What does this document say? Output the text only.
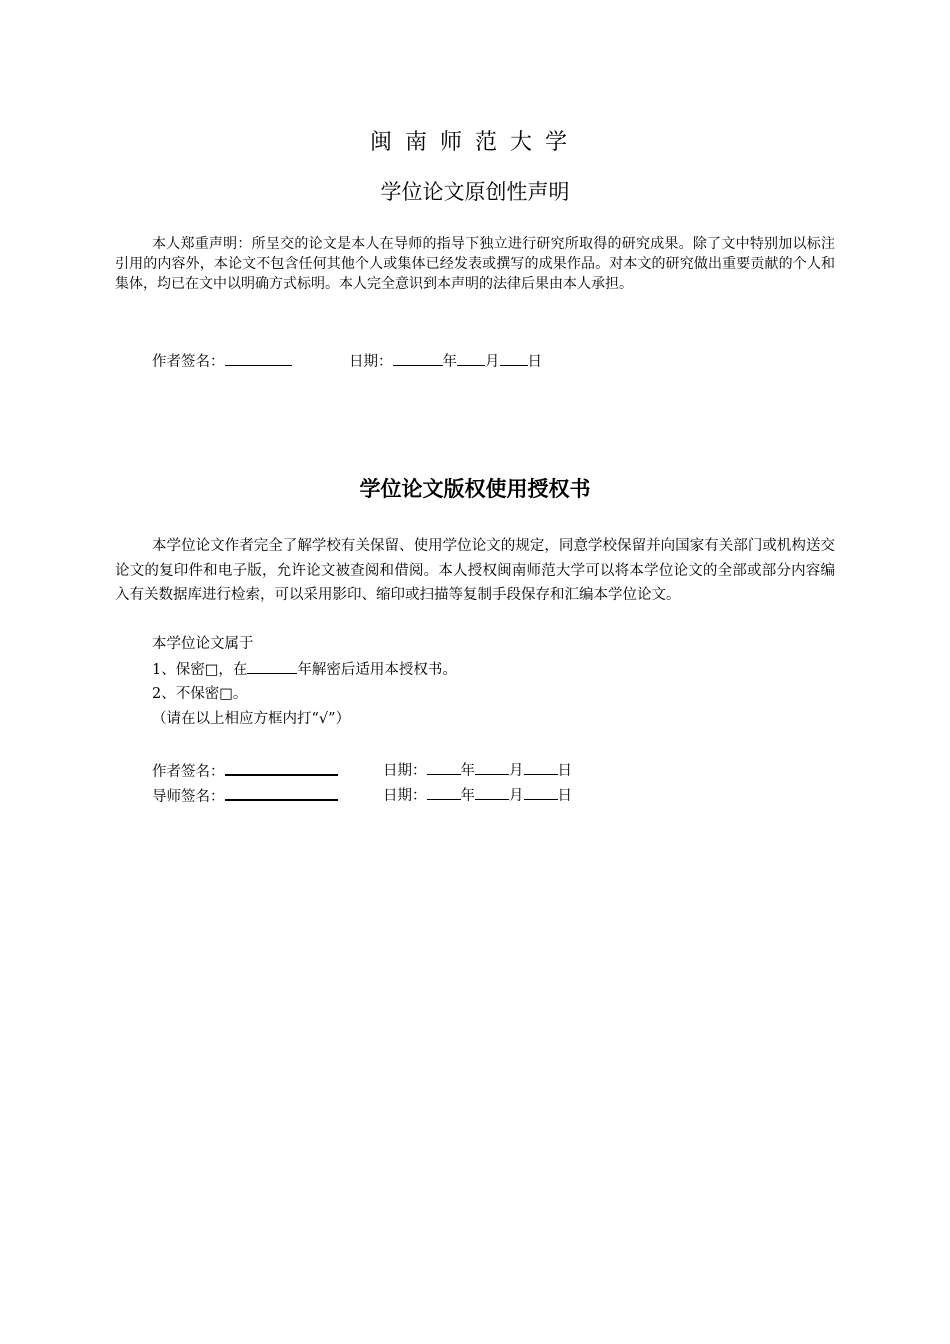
闽南师范大学
学位论文原创性声明
本人郑重声明：所呈交的论文是本人在导师的指导下独立进行研究所取得的研究成果。除了文中特别加以标注引用的内容外，本论文不包含任何其他个人或集体已经发表或撰写的成果作品。对本文的研究做出重要贡献的个人和集体，均已在文中以明确方式标明。本人完全意识到本声明的法律后果由本人承担。
作者签名：	日期：	年 月 日
学位论文版权使用授权书
本学位论文作者完全了解学校有关保留、使用学位论文的规定，同意学校保留并向国家有关部门或机构送交论文的复印件和电子版，允许论文被查阅和借阅。本人授权闽南师范大学可以将本学位论文的全部或部分内容编入有关数据库进行检索，可以采用影印、缩印或扫描等复制手段保存和汇编本学位论文。
本学位论文属于
1、保密□，在	年解密后适用本授权书。
2、不保密□。
（请在以上相应方框内打“√”）
作者签名：	日期： 年 月 日
导师签名：	日期： 年 月 日
